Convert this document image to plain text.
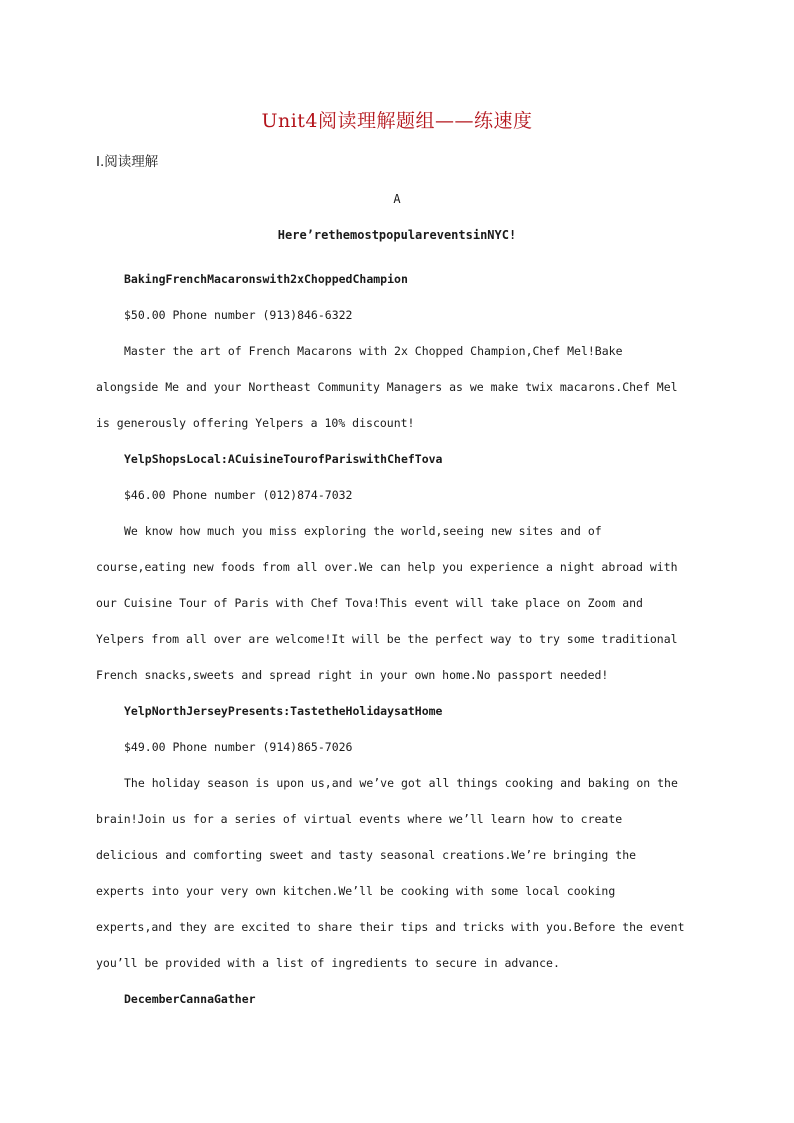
Unit4阅读理解题组——练速度
Ⅰ.阅读理解
A
Here’rethemostpopulareventsinNYC!
BakingFrenchMacaronswith2xChoppedChampion
$50.00 Phone number (913)846-6322
Master the art of French Macarons with 2x Chopped Champion,Chef Mel!Bake
alongside Me and your Northeast Community Managers as we make twix macarons.Chef Mel
is generously offering Yelpers a 10% discount!
YelpShopsLocal:ACuisineTourofPariswithChefTova
$46.00 Phone number (012)874-7032
We know how much you miss exploring the world,seeing new sites and of
course,eating new foods from all over.We can help you experience a night abroad with
our Cuisine Tour of Paris with Chef Tova!This event will take place on Zoom and
Yelpers from all over are welcome!It will be the perfect way to try some traditional
French snacks,sweets and spread right in your own home.No passport needed!
YelpNorthJerseyPresents:TastetheHolidaysatHome
$49.00 Phone number (914)865-7026
The holiday season is upon us,and we’ve got all things cooking and baking on the
brain!Join us for a series of virtual events where we’ll learn how to create
delicious and comforting sweet and tasty seasonal creations.We’re bringing the
experts into your very own kitchen.We’ll be cooking with some local cooking
experts,and they are excited to share their tips and tricks with you.Before the event
you’ll be provided with a list of ingredients to secure in advance.
DecemberCannaGather
